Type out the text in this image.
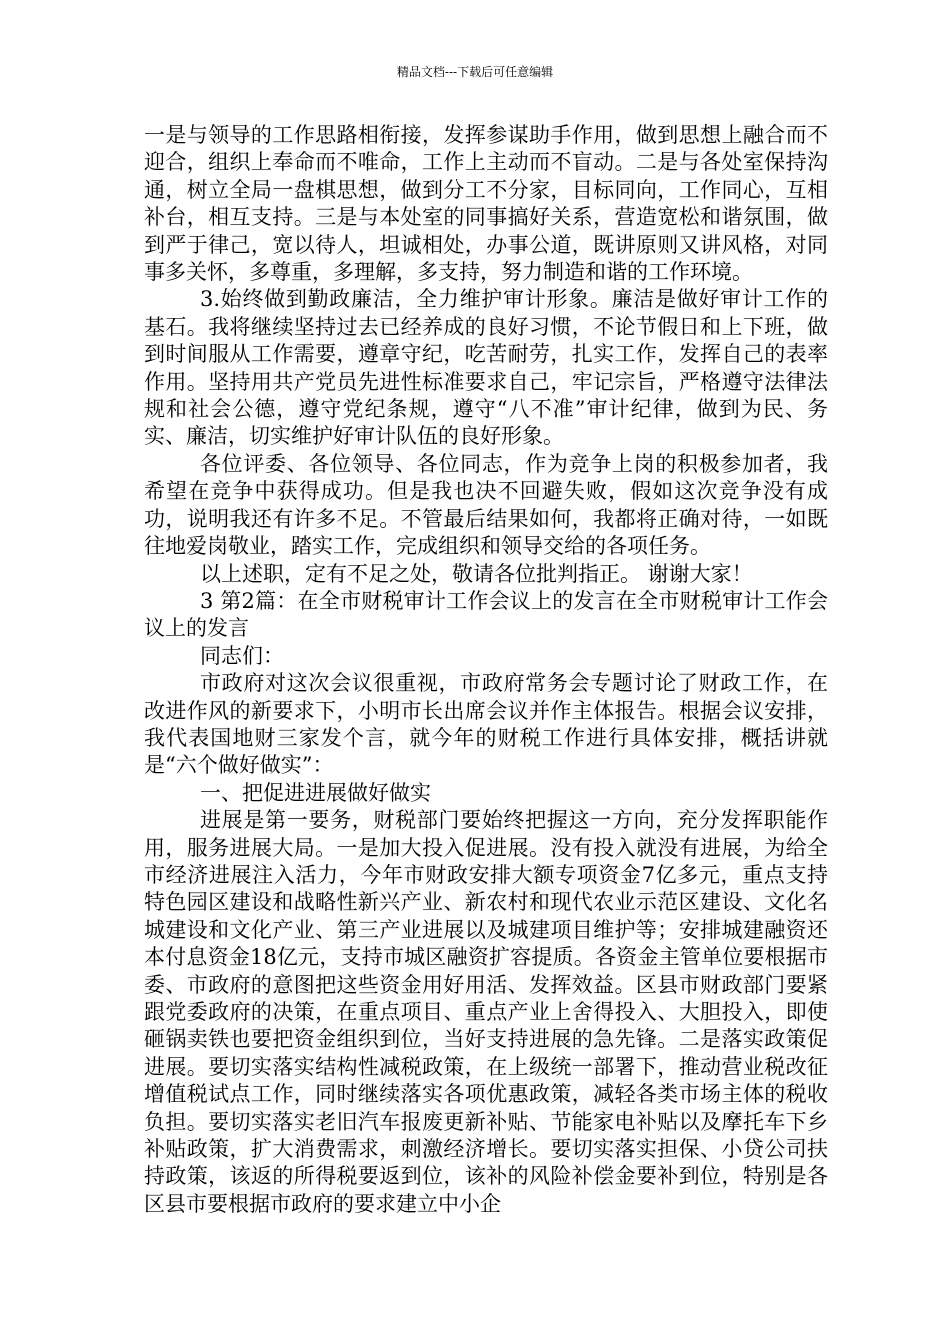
精品文档---下载后可任意编辑

一是与领导的工作思路相衔接，发挥参谋助手作用，做到思想上融合而不迎合，组织上奉命而不唯命，工作上主动而不盲动。二是与各处室保持沟通，树立全局一盘棋思想，做到分工不分家，目标同向，工作同心，互相补台，相互支持。三是与本处室的同事搞好关系，营造宽松和谐氛围，做到严于律己，宽以待人，坦诚相处，办事公道，既讲原则又讲风格，对同事多关怀，多尊重，多理解，多支持，努力制造和谐的工作环境。

3.始终做到勤政廉洁，全力维护审计形象。廉洁是做好审计工作的基石。我将继续坚持过去已经养成的良好习惯，不论节假日和上下班，做到时间服从工作需要，遵章守纪，吃苦耐劳，扎实工作，发挥自己的表率作用。坚持用共产党员先进性标准要求自己，牢记宗旨，严格遵守法律法规和社会公德，遵守党纪条规，遵守“八不准”审计纪律，做到为民、务实、廉洁，切实维护好审计队伍的良好形象。

各位评委、各位领导、各位同志，作为竞争上岗的积极参加者，我希望在竞争中获得成功。但是我也决不回避失败，假如这次竞争没有成功，说明我还有许多不足。不管最后结果如何，我都将正确对待，一如既往地爱岗敬业，踏实工作，完成组织和领导交给的各项任务。

以上述职，定有不足之处，敬请各位批判指正。 谢谢大家！

3 第2篇：在全市财税审计工作会议上的发言在全市财税审计工作会议上的发言

同志们：

市政府对这次会议很重视，市政府常务会专题讨论了财政工作，在改进作风的新要求下，小明市长出席会议并作主体报告。根据会议安排，我代表国地财三家发个言，就今年的财税工作进行具体安排，概括讲就是“六个做好做实”：

一、把促进进展做好做实

进展是第一要务，财税部门要始终把握这一方向，充分发挥职能作用，服务进展大局。一是加大投入促进展。没有投入就没有进展，为给全市经济进展注入活力，今年市财政安排大额专项资金7亿多元，重点支持特色园区建设和战略性新兴产业、新农村和现代农业示范区建设、文化名城建设和文化产业、第三产业进展以及城建项目维护等；安排城建融资还本付息资金18亿元，支持市城区融资扩容提质。各资金主管单位要根据市委、市政府的意图把这些资金用好用活、发挥效益。区县市财政部门要紧跟党委政府的决策，在重点项目、重点产业上舍得投入、大胆投入，即使砸锅卖铁也要把资金组织到位，当好支持进展的急先锋。二是落实政策促进展。要切实落实结构性减税政策，在上级统一部署下，推动营业税改征增值税试点工作，同时继续落实各项优惠政策，减轻各类市场主体的税收负担。要切实落实老旧汽车报废更新补贴、节能家电补贴以及摩托车下乡补贴政策，扩大消费需求，刺激经济增长。要切实落实担保、小贷公司扶持政策，该返的所得税要返到位，该补的风险补偿金要补到位，特别是各区县市要根据市政府的要求建立中小企
